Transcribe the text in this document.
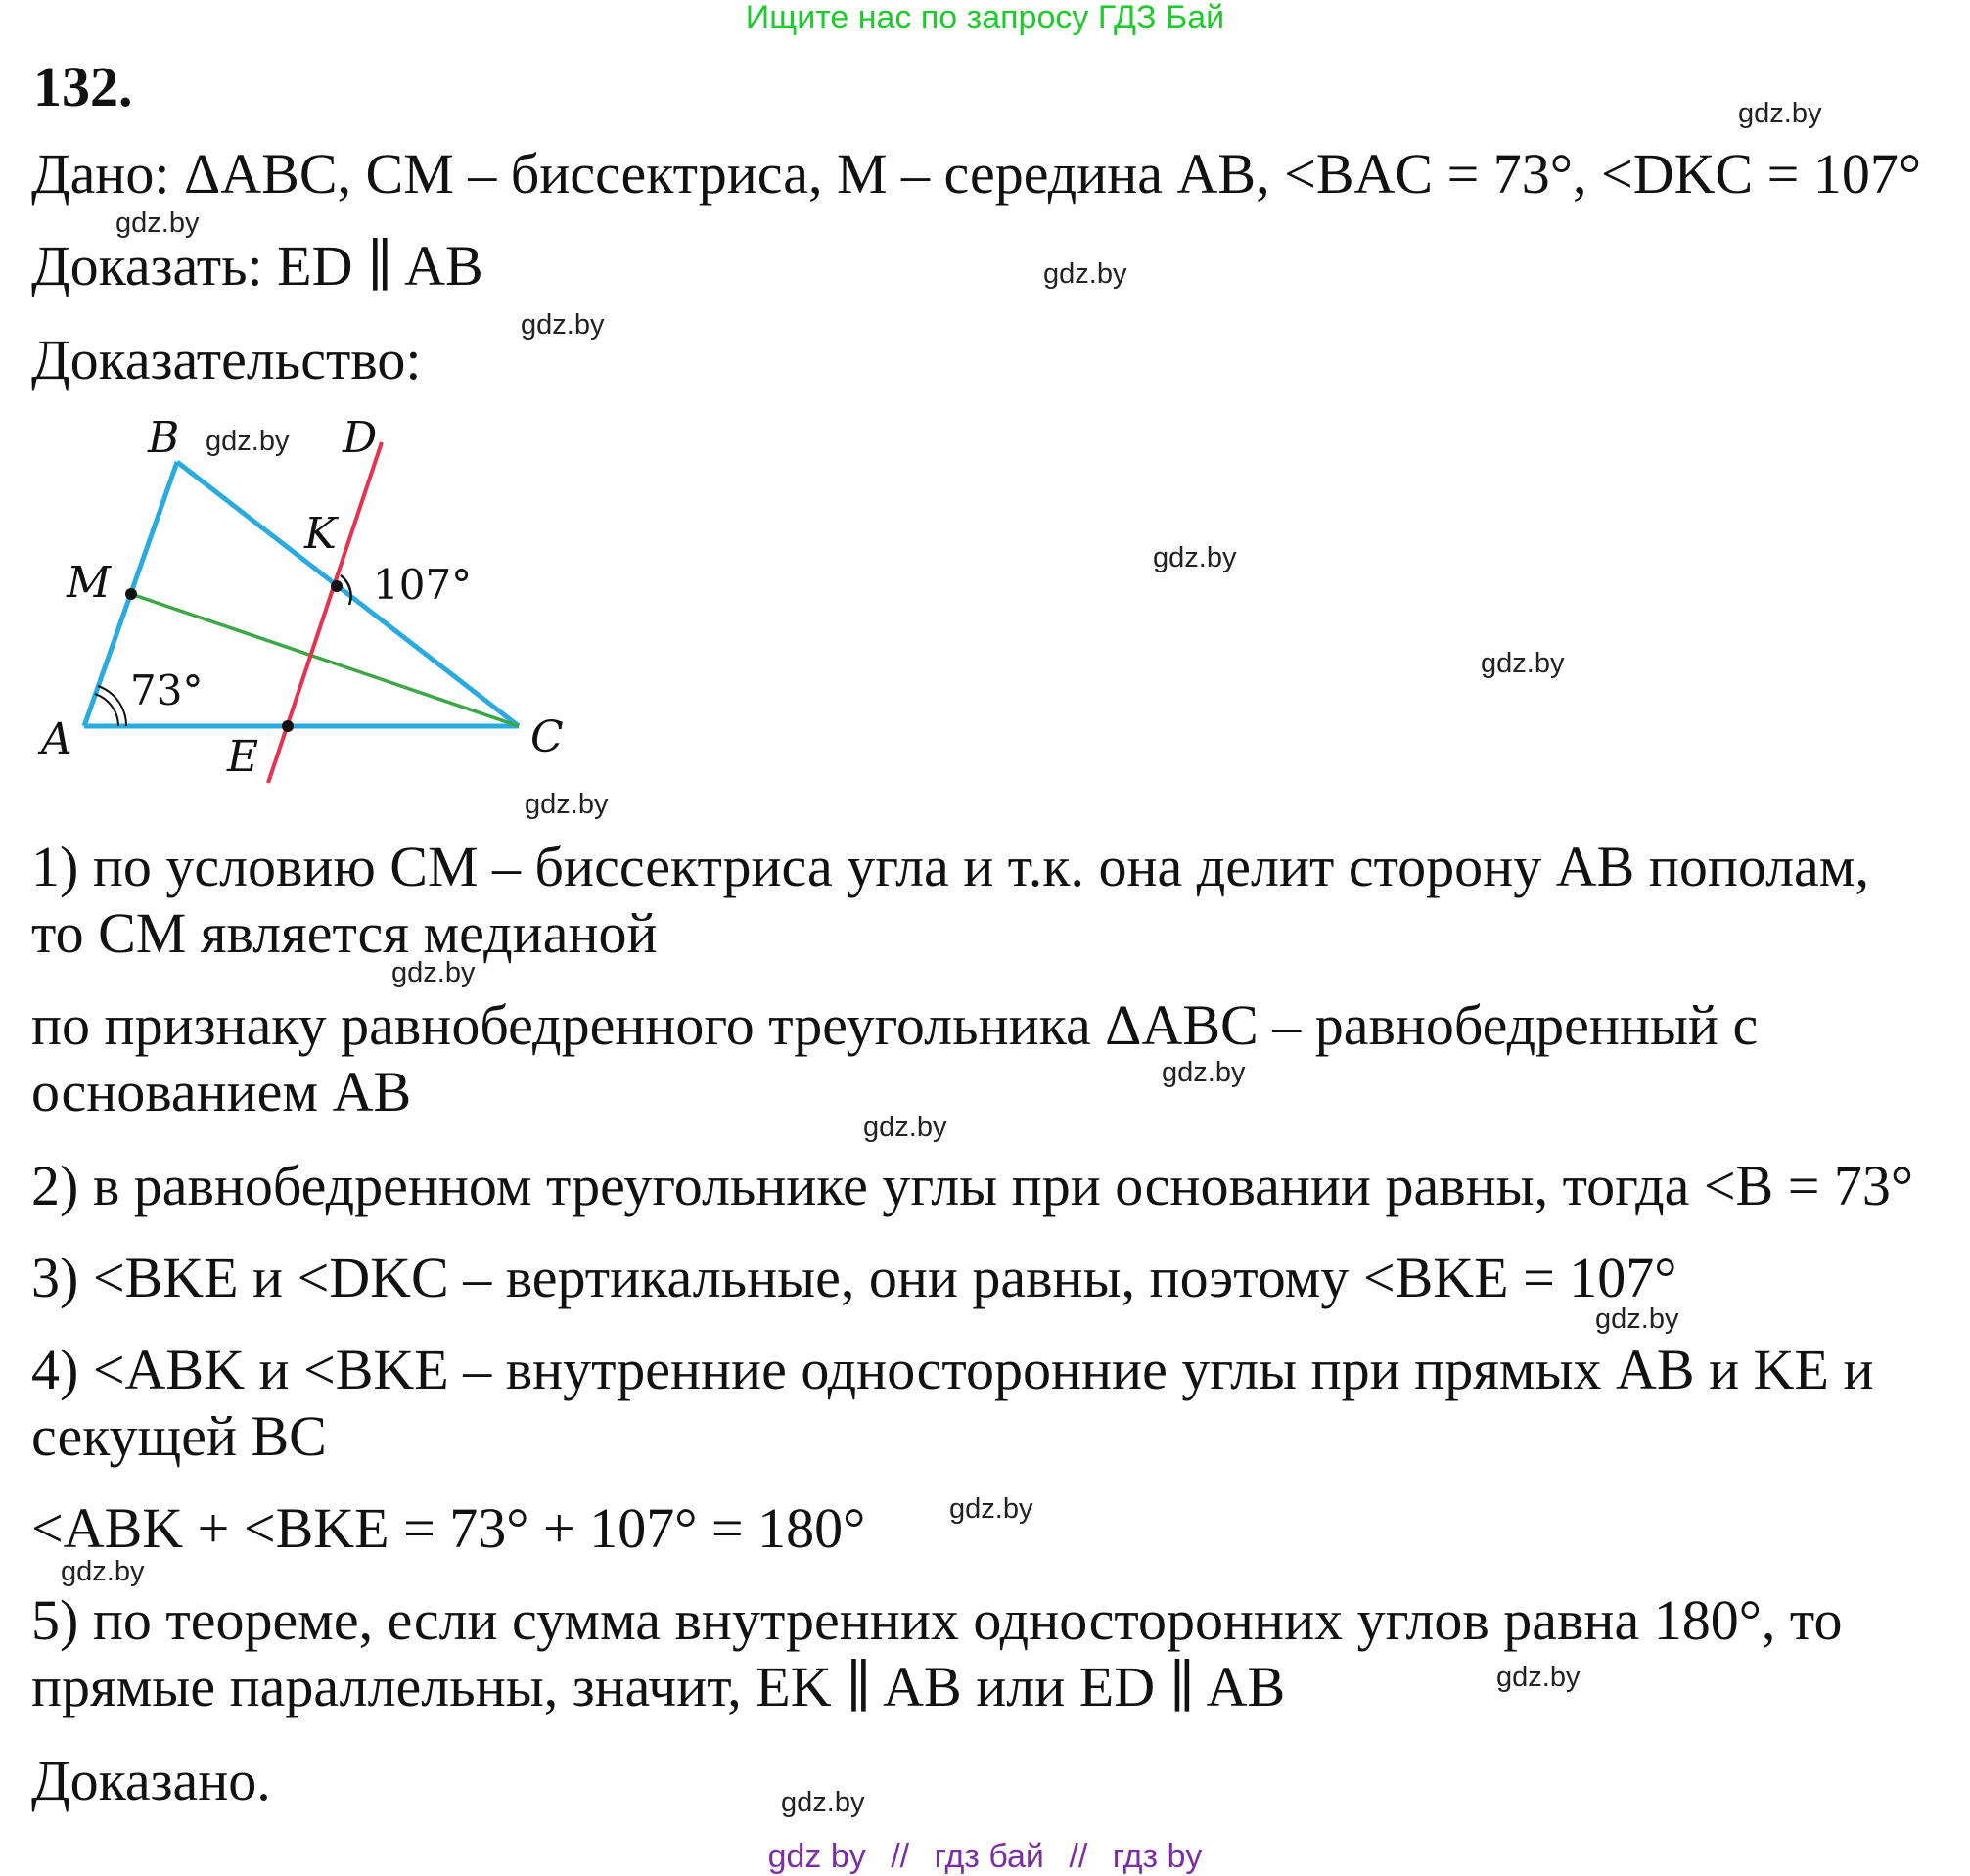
Ищите нас по запросу ГДЗ Бай
132.
Дано: ΔABC, CM – биссектриса, M – середина AB, <BAC = 73°, <DKC = 107°
Доказать: ED ∥ AB
Доказательство:
B	D
K
M
A	E	C
107°
73°
gdz.by
1) по условию CM – биссектриса угла и т.к. она делит сторону AB пополам,
то CM является медианой
по признаку равнобедренного треугольника ΔABC – равнобедренный с
основанием AB
2) в равнобедренном треугольнике углы при основании равны, тогда <B = 73°
3) <BKE и <DKC – вертикальные, они равны, поэтому <BKE = 107°
4) <ABK и <BKE – внутренние односторонние углы при прямых AB и KE и
секущей BC
<ABK + <BKE = 73° + 107° = 180°
5) по теореме, если сумма внутренних односторонних углов равна 180°, то
прямые параллельны, значит, EK ∥ AB или ED ∥ AB
Доказано.
gdz.by
gdz.by
gdz.by
gdz.by
gdz.by
gdz.by
gdz.by
gdz.by
gdz.by
gdz.by
gdz.by
gdz.by
gdz.by
gdz.by
gdz.by
gdz by // гдз бай // гдз by
